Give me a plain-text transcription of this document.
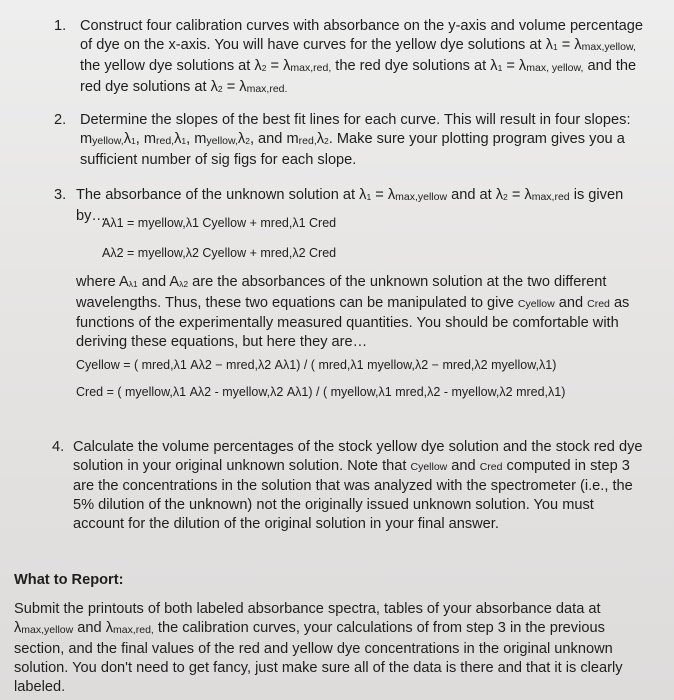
1. Construct four calibration curves with absorbance on the y-axis and volume percentage
of dye on the x-axis. You will have curves for the yellow dye solutions at $\lambda_1 = \lambda_{max,yellow,}$
the yellow dye solutions at $\lambda_2 = \lambda_{max,red,}$ the red dye solutions at $\lambda_1 = \lambda_{max, yellow,}$ and the
red dye solutions at $\lambda_2 = \lambda_{max,red.}$
2. Determine the slopes of the best fit lines for each curve. This will result in four slopes:
$m_{yellow,}\lambda_1$, $m_{red,}\lambda_1$, $m_{yellow,}\lambda_2$, and $m_{red,}\lambda_2$. Make sure your plotting program gives you a
sufficient number of sig figs for each slope.
3. The absorbance of the unknown solution at $\lambda_1 = \lambda_{max,yellow}$ and at $\lambda_2 = \lambda_{max,red}$ is given by…
Aλ1 = myellow,λ1 Cyellow + mred,λ1 Cred
Aλ2 = myellow,λ2 Cyellow + mred,λ2 Cred
where $A_{\lambda 1}$ and $A_{\lambda 2}$ are the absorbances of the unknown solution at the two different
wavelengths. Thus, these two equations can be manipulated to give Cyellow and Cred as
functions of the experimentally measured quantities. You should be comfortable with
deriving these equations, but here they are…
Cyellow = ( mred,λ1 Aλ2 − mred,λ2 Aλ1) / ( mred,λ1 myellow,λ2 − mred,λ2 myellow,λ1)
Cred = ( myellow,λ1 Aλ2 - myellow,λ2 Aλ1) / ( myellow,λ1 mred,λ2 - myellow,λ2 mred,λ1)
4. Calculate the volume percentages of the stock yellow dye solution and the stock red dye
solution in your original unknown solution. Note that Cyellow and Cred computed in step 3
are the concentrations in the solution that was analyzed with the spectrometer (i.e., the
5% dilution of the unknown) not the originally issued unknown solution. You must
account for the dilution of the original solution in your final answer.
What to Report:
Submit the printouts of both labeled absorbance spectra, tables of your absorbance data at
$\lambda_{max,yellow}$ and $\lambda_{max,red,}$ the calibration curves, your calculations of from step 3 in the previous
section, and the final values of the red and yellow dye concentrations in the original unknown
solution. You don't need to get fancy, just make sure all of the data is there and that it is clearly
labeled.
